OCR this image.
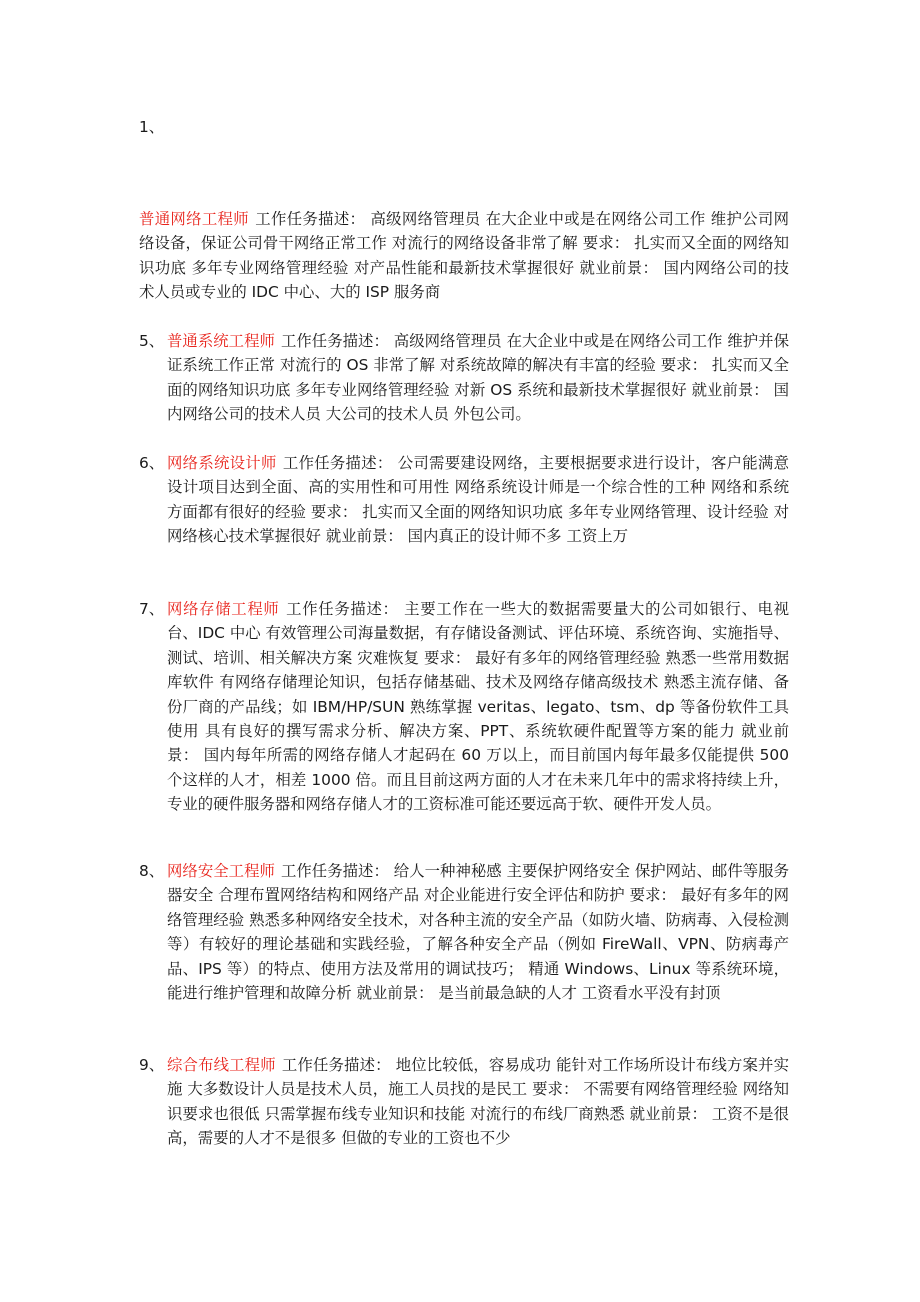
1、
普通网络工程师 工作任务描述： 高级网络管理员 在大企业中或是在网络公司工作 维护公司网络设备，保证公司骨干网络正常工作 对流行的网络设备非常了解 要求： 扎实而又全面的网络知识功底 多年专业网络管理经验 对产品性能和最新技术掌握很好 就业前景： 国内网络公司的技术人员或专业的 IDC 中心、大的 ISP 服务商
5、 普通系统工程师 工作任务描述： 高级网络管理员 在大企业中或是在网络公司工作 维护并保证系统工作正常 对流行的 OS 非常了解 对系统故障的解决有丰富的经验 要求： 扎实而又全面的网络知识功底 多年专业网络管理经验 对新 OS 系统和最新技术掌握很好 就业前景： 国内网络公司的技术人员 大公司的技术人员 外包公司。
6、 网络系统设计师 工作任务描述： 公司需要建设网络，主要根据要求进行设计，客户能满意 设计项目达到全面、高的实用性和可用性 网络系统设计师是一个综合性的工种 网络和系统方面都有很好的经验 要求： 扎实而又全面的网络知识功底 多年专业网络管理、设计经验 对网络核心技术掌握很好 就业前景： 国内真正的设计师不多 工资上万
7、 网络存储工程师 工作任务描述： 主要工作在一些大的数据需要量大的公司如银行、电视台、IDC 中心 有效管理公司海量数据，有存储设备测试、评估环境、系统咨询、实施指导、测试、培训、相关解决方案 灾难恢复 要求： 最好有多年的网络管理经验 熟悉一些常用数据库软件 有网络存储理论知识，包括存储基础、技术及网络存储高级技术 熟悉主流存储、备份厂商的产品线；如 IBM/HP/SUN 熟练掌握 veritas、legato、tsm、dp 等备份软件工具使用 具有良好的撰写需求分析、解决方案、PPT、系统软硬件配置等方案的能力 就业前景： 国内每年所需的网络存储人才起码在 60 万以上，而目前国内每年最多仅能提供 500 个这样的人才，相差 1000 倍。而且目前这两方面的人才在未来几年中的需求将持续上升，专业的硬件服务器和网络存储人才的工资标准可能还要远高于软、硬件开发人员。
8、 网络安全工程师 工作任务描述： 给人一种神秘感 主要保护网络安全 保护网站、邮件等服务器安全 合理布置网络结构和网络产品 对企业能进行安全评估和防护 要求： 最好有多年的网络管理经验 熟悉多种网络安全技术，对各种主流的安全产品（如防火墙、防病毒、入侵检测等）有较好的理论基础和实践经验，了解各种安全产品（例如 FireWall、VPN、防病毒产品、IPS 等）的特点、使用方法及常用的调试技巧； 精通 Windows、Linux 等系统环境，能进行维护管理和故障分析 就业前景： 是当前最急缺的人才 工资看水平没有封顶
9、 综合布线工程师 工作任务描述： 地位比较低，容易成功 能针对工作场所设计布线方案并实施 大多数设计人员是技术人员，施工人员找的是民工 要求： 不需要有网络管理经验 网络知识要求也很低 只需掌握布线专业知识和技能 对流行的布线厂商熟悉 就业前景： 工资不是很高，需要的人才不是很多 但做的专业的工资也不少
